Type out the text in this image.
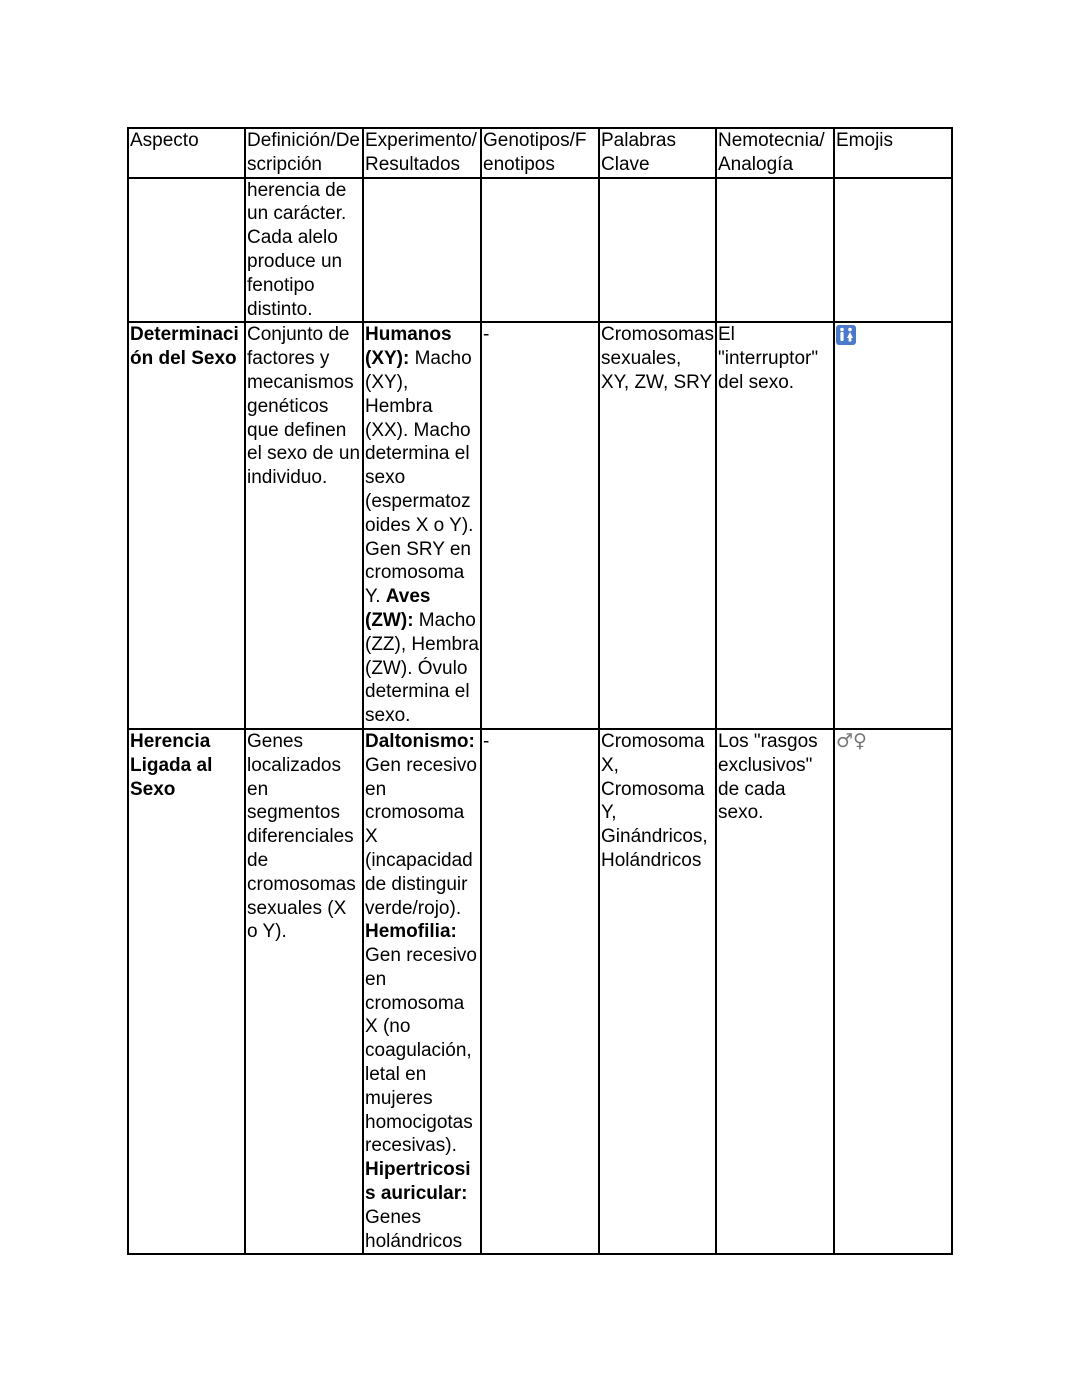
Aspecto	Definición/Descripción	Experimento/Resultados	Genotipos/Fenotipos	Palabras Clave	Nemotecnia/ Analogía	Emojis
	herencia de un carácter. Cada alelo produce un fenotipo distinto.					
Determinación del Sexo	Conjunto de factores y mecanismos genéticos que definen el sexo de un individuo.	Humanos (XY): Macho (XY), Hembra (XX). Macho determina el sexo (espermatozoides X o Y). Gen SRY en cromosoma Y. Aves (ZW): Macho (ZZ), Hembra (ZW). Óvulo determina el sexo.	-	Cromosomas sexuales, XY, ZW, SRY	El "interruptor" del sexo.	

Herencia Ligada al Sexo	Genes localizados en segmentos diferenciales de cromosomas sexuales (X o Y).	Daltonismo: Gen recesivo en cromosoma X (incapacidad de distinguir verde/rojo). Hemofilia: Gen recesivo en cromosoma X (no coagulación, letal en mujeres homocigotas recesivas). Hipertricosis auricular: Genes holándricos	-	Cromosoma X, Cromosoma Y, Ginándricos, Holándricos	Los "rasgos exclusivos" de cada sexo.	♂♀
